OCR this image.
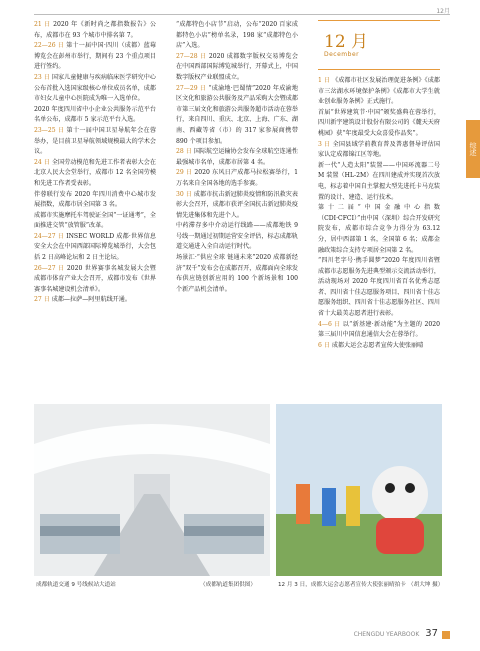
12月
综述

21 日 2020 年《新时尚之都指数报告》公布，成都市在 93 个城市中排名第 7。

22—26 日 第十一届中国·四川（成都）蓝莓博览会在彭州市举行，期间有 23 个重点项目进行签约。

23 日 国家儿童健康与疾病临床医学研究中心公布首批入选国家级核心单位成员名单，成都市妇女儿童中心医院成为唯一入选单位。

2020 年度四川省中小企业公共服务示范平台名单公布，成都市 5 家示范平台入选。

23—25 日 第十一届中国卫星导航年会在蓉举办，是目前卫星导航领域规模最大的学术会议。

24 日 全国劳动模范和先进工作者表彰大会在北京人民大会堂举行，成都市 12 名全国劳模和先进工作者受表彰。

伴蓉联行发布 2020 年四川消费中心城市发展指数，成都市居全国第 3 名。

成都市实施摩托车驾驶证全国“一证通考”，全面推进交管“放管服”改革。

24—27 日 INSEC WORLD 成都·世界信息安全大会在中国西部国际博览城举行，大会包括 2 日高峰论坛和 2 日主论坛。

26—27 日 2020 世界赛事名城发展大会暨成都市体育产业大会召开，成都市发布《世界赛事名城建设机会清单》。

27 日 成都—拉萨—阿里航线开通。

“成都特色小店节”启动，公布“2020 百家成都特色小店”榜单名录，198 家“成都特色小店”入选。

27—28 日 2020 成都数字版权交易博览会在中国西部国际博览城举行，开幕式上，中国数字版权产业联盟成立。

27—29 日 “成渝地·巴蜀情”2020 年成渝地区文化和旅游公共服务及产品采购大会暨成都市第三届文化和旅游公共服务超市活动在蓉举行，来自四川、重庆、北京、上海、广东、湖南、西藏等省（市）的 317 家参展商携带 890 个项目参加。

28 日 国际航空运输协会发布全球航空连通性最强城市名单，成都市居第 4 名。

29 日 2020 东风日产成都马拉松赛举行，1 万名来自全国各地的选手参赛。

30 日 成都市抗击新冠肺炎疫情和防汛救灾表彰大会召开，成都市获评全国抗击新冠肺炎疫情先进集体和先进个人。

中药滞存多中介动运行线路——成都地铁 9 号线一期通过初期运营安全评估，标志成都轨道交通进入全自动运行时代。

场景汇·“供应全球 链通未来”2020 成都新经济“双千”发布会在成都召开，成都面向全球发布供应链创新应用的 100 个新场景和 100 个新产品机会清单。

12 月
December

1 日 《成都市社区发展治理促进条例》《成都市三岔湖水环境保护条例》《成都市大学生就业创业服务条例》正式施行。

首届“世界建筑节·中国”颁奖盛典在蓉举行，四川新宇建筑设计股份有限公司的《麓天天府桃园》获“年度最受大众喜爱作品奖”。

3 日 全国县域学前教育普及普惠督导评估国家认定成都锦江区等地。

新一代“人造太阳”装置——中国环流器二号 M 装置（HL-2M）在四川建成并实现首次放电，标志着中国自主掌握大型先进托卡马克装置的设计、建造、运行技术。

第十二届“中国金融中心指数（CDI·CFCI）”由中国（深圳）综合开发研究院发布，成都市综合竞争力得分为 63.12 分，居中西部第 1 名，全国第 6 名；成都金融政策综合支持专项居全国第 2 名。

“四川老字号·携手圆梦”2020 年度四川省暨成都市志愿服务先进典型颁示交流活动举行，活动现场对 2020 年度四川省百名优秀志愿者、四川省十佳志愿服务项目、四川省十佳志愿服务组织、四川省十佳志愿服务社区、四川省十大最美志愿者进行表彰。

4—6 日 以“新基建·新动能”为主题的 2020 第三届川中国信息通信大会在蓉举行。

6 日 成都大运会志愿者宣传大使张丽晴

成都轨道交通 9 号线候站大道站	（成都轨道集团供图）	12 月 3 日，成都大运会志愿者宣传大使张丽晴拍卡 （胡大坤 摄）
CHENGDU YEARBOOK 37
